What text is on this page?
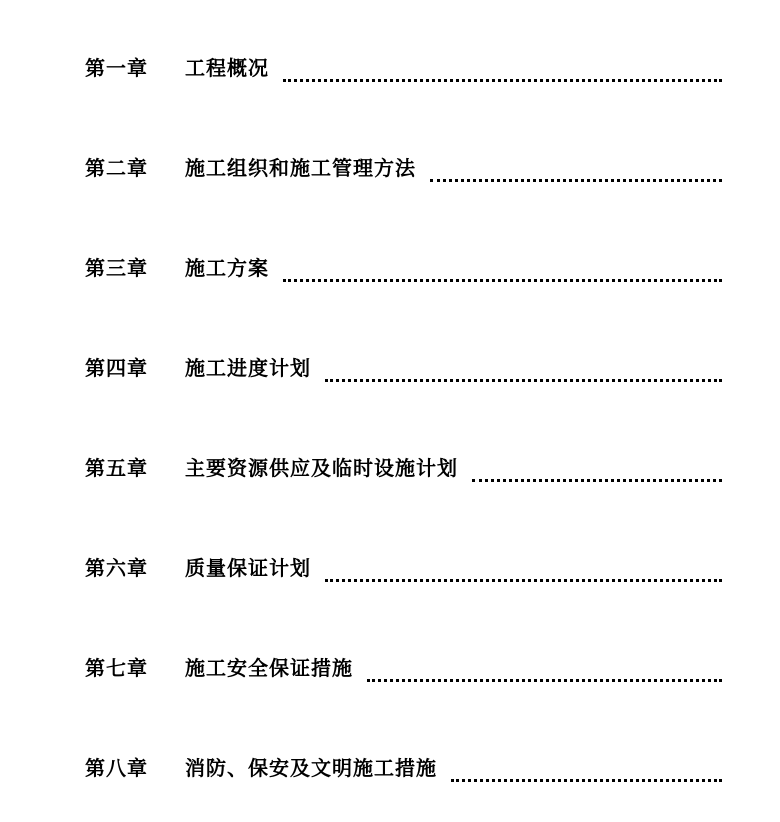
第一章	工程概况
第二章	施工组织和施工管理方法
第三章	施工方案
第四章	施工进度计划
第五章	主要资源供应及临时设施计划
第六章	质量保证计划
第七章	施工安全保证措施
第八章	消防、保安及文明施工措施
